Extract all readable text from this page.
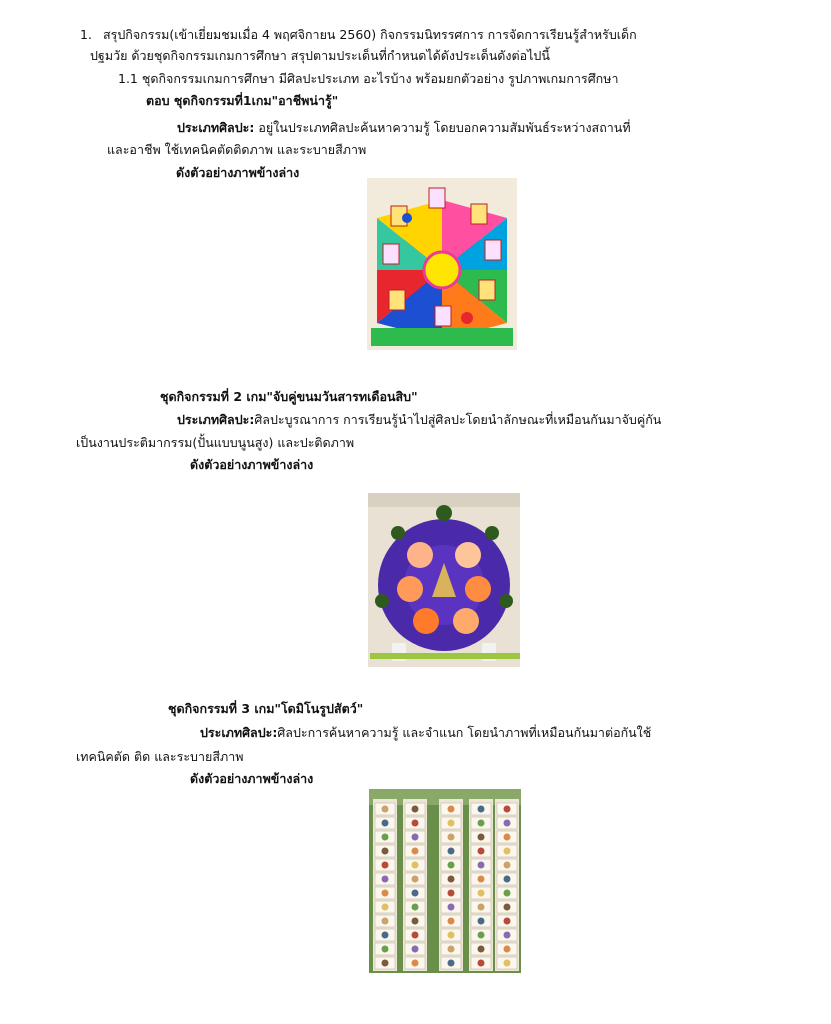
1. สรุปกิจกรรม(เข้าเยี่ยมชมเมื่อ 4 พฤศจิกายน 2560) กิจกรรมนิทรรศการ การจัดการเรียนรู้สำหรับเด็ก
ปฐมวัย ด้วยชุดกิจกรรมเกมการศึกษา สรุปตามประเด็นที่กำหนดได้ดังประเด็นดังต่อไปนี้
1.1 ชุดกิจกรรมเกมการศึกษา มีศิลปะประเภท อะไรบ้าง พร้อมยกตัวอย่าง รูปภาพเกมการศึกษา
ตอบ ชุดกิจกรรมที่1เกม"อาชีพน่ารู้"
ประเภทศิลปะ: อยู่ในประเภทศิลปะค้นหาความรู้ โดยบอกความสัมพันธ์ระหว่างสถานที่
และอาชีพ ใช้เทคนิคตัดติดภาพ และระบายสีภาพ
ดังตัวอย่างภาพข้างล่าง
ชุดกิจกรรมที่ 2 เกม"จับคู่ขนมวันสารทเดือนสิบ"
ประเภทศิลปะ:ศิลปะบูรณาการ การเรียนรู้นำไปสู่ศิลปะโดยนำลักษณะที่เหมือนกันมาจับคู่กัน
เป็นงานประติมากรรม(ปั้นแบบนูนสูง) และปะติดภาพ
ดังตัวอย่างภาพข้างล่าง
ชุดกิจกรรมที่ 3 เกม"โดมิโนรูปสัตว์"
ประเภทศิลปะ:ศิลปะการค้นหาความรู้ และจำแนก โดยนำภาพที่เหมือนกันมาต่อกันใช้
เทคนิคตัด ติด และระบายสีภาพ
ดังตัวอย่างภาพข้างล่าง
